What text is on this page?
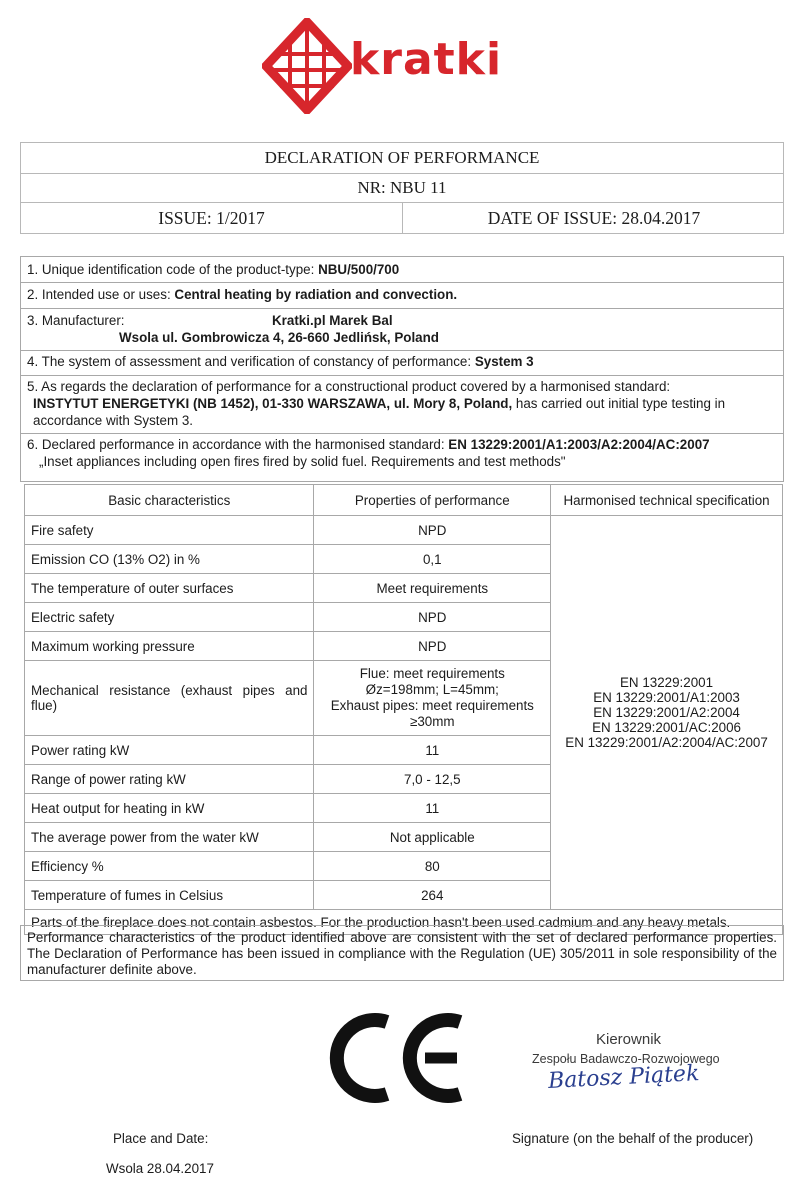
kratki
DECLARATION OF PERFORMANCE
NR: NBU 11
ISSUE: 1/2017	DATE OF ISSUE: 28.04.2017
1. Unique identification code of the product-type: NBU/500/700
2. Intended use or uses: Central heating by radiation and convection.
3. Manufacturer:	Kratki.pl Marek Bal
Wsola ul. Gombrowicza 4, 26-660 Jedlińsk, Poland
4. The system of assessment and verification of constancy of performance: System 3
5. As regards the declaration of performance for a constructional product covered by a harmonised standard:
INSTYTUT ENERGETYKI (NB 1452), 01-330 WARSZAWA, ul. Mory 8, Poland, has carried out initial type testing in
accordance with System 3.
6. Declared performance in accordance with the harmonised standard: EN 13229:2001/A1:2003/A2:2004/AC:2007
„Inset appliances including open fires fired by solid fuel. Requirements and test methods"
Basic characteristics	Properties of performance	Harmonised technical specification
Fire safety	NPD	EN 13229:2001
EN 13229:2001/A1:2003
EN 13229:2001/A2:2004
EN 13229:2001/AC:2006
EN 13229:2001/A2:2004/AC:2007
Emission CO (13% O2) in %	0,1	
The temperature of outer surfaces	Meet requirements	
Electric safety	NPD	
Maximum working pressure	NPD	
Mechanical resistance (exhaust pipes and flue)	Flue: meet requirements
Øz=198mm; L=45mm;
Exhaust pipes: meet requirements
≥30mm	
Power rating kW	11	
Range of power rating kW	7,0 - 12,5	
Heat output for heating in kW	11	
The average power from the water kW	Not applicable	
Efficiency %	80	
Temperature of fumes in Celsius	264	
Parts of the fireplace does not contain asbestos. For the production hasn't been used cadmium and any heavy metals.		
Performance characteristics of the product identified above are consistent with the set of declared performance properties. The Declaration of Performance has been issued in compliance with the Regulation (UE) 305/2011 in sole responsibility of the manufacturer definite above.
Kierownik
Zespołu Badawczo-Rozwojowego
Batosz Piątek
Place and Date:	Signature (on the behalf of the producer)
Wsola 28.04.2017
